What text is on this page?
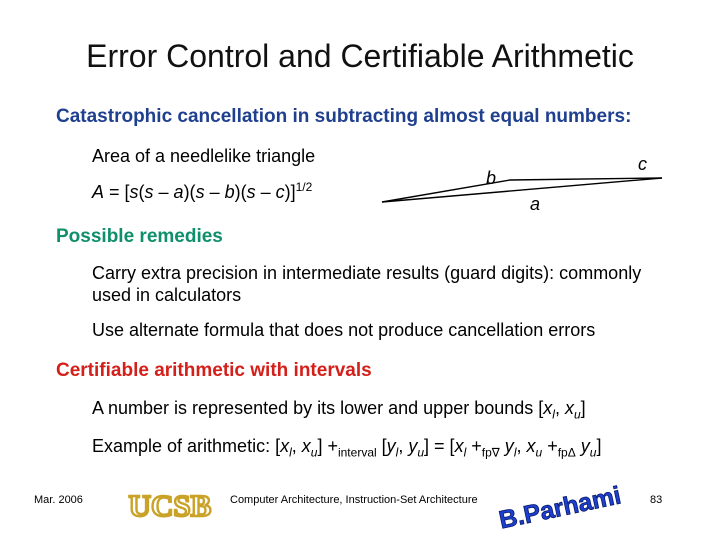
Error Control and Certifiable Arithmetic
Catastrophic cancellation in subtracting almost equal numbers:
Area of a needlelike triangle
A = [s(s – a)(s – b)(s – c)]$^{1/2}$	b
a
c
Possible remedies
Carry extra precision in intermediate results (guard digits): commonly used in calculators
Use alternate formula that does not produce cancellation errors
Certifiable arithmetic with intervals
A number is represented by its lower and upper bounds [$x_l$, $x_u$]
Example of arithmetic: [$x_l$, $x_u] +_{interval}$ [$y_l$, $y_u] = [x_l +_{fp\nabla}$ $y_l$, $x_u +_{fp\Delta}$ $y_u$]
Mar. 2006 UCSB Computer Architecture, Instruction-Set Architecture B.Parhami 83
